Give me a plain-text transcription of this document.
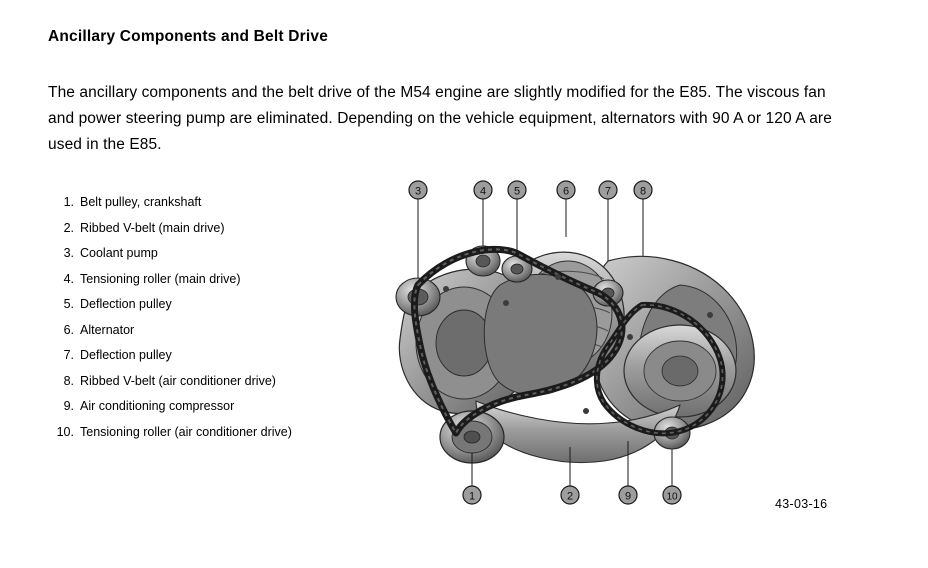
Ancillary Components and Belt Drive

The ancillary components and the belt drive of the M54 engine are slightly modified for the E85. The viscous fan and power steering pump are eliminated. Depending on the vehicle equipment, alternators with 90 A or 120 A are used in the E85.

1. Belt pulley, crankshaft
2. Ribbed V-belt (main drive)
3. Coolant pump
4. Tensioning roller (main drive)
5. Deflection pulley
6. Alternator
7. Deflection pulley
8. Ribbed V-belt (air conditioner drive)
9. Air conditioning compressor
10. Tensioning roller (air conditioner drive)
3	4	5	6	7	8
1	2	9	10	43-03-16
